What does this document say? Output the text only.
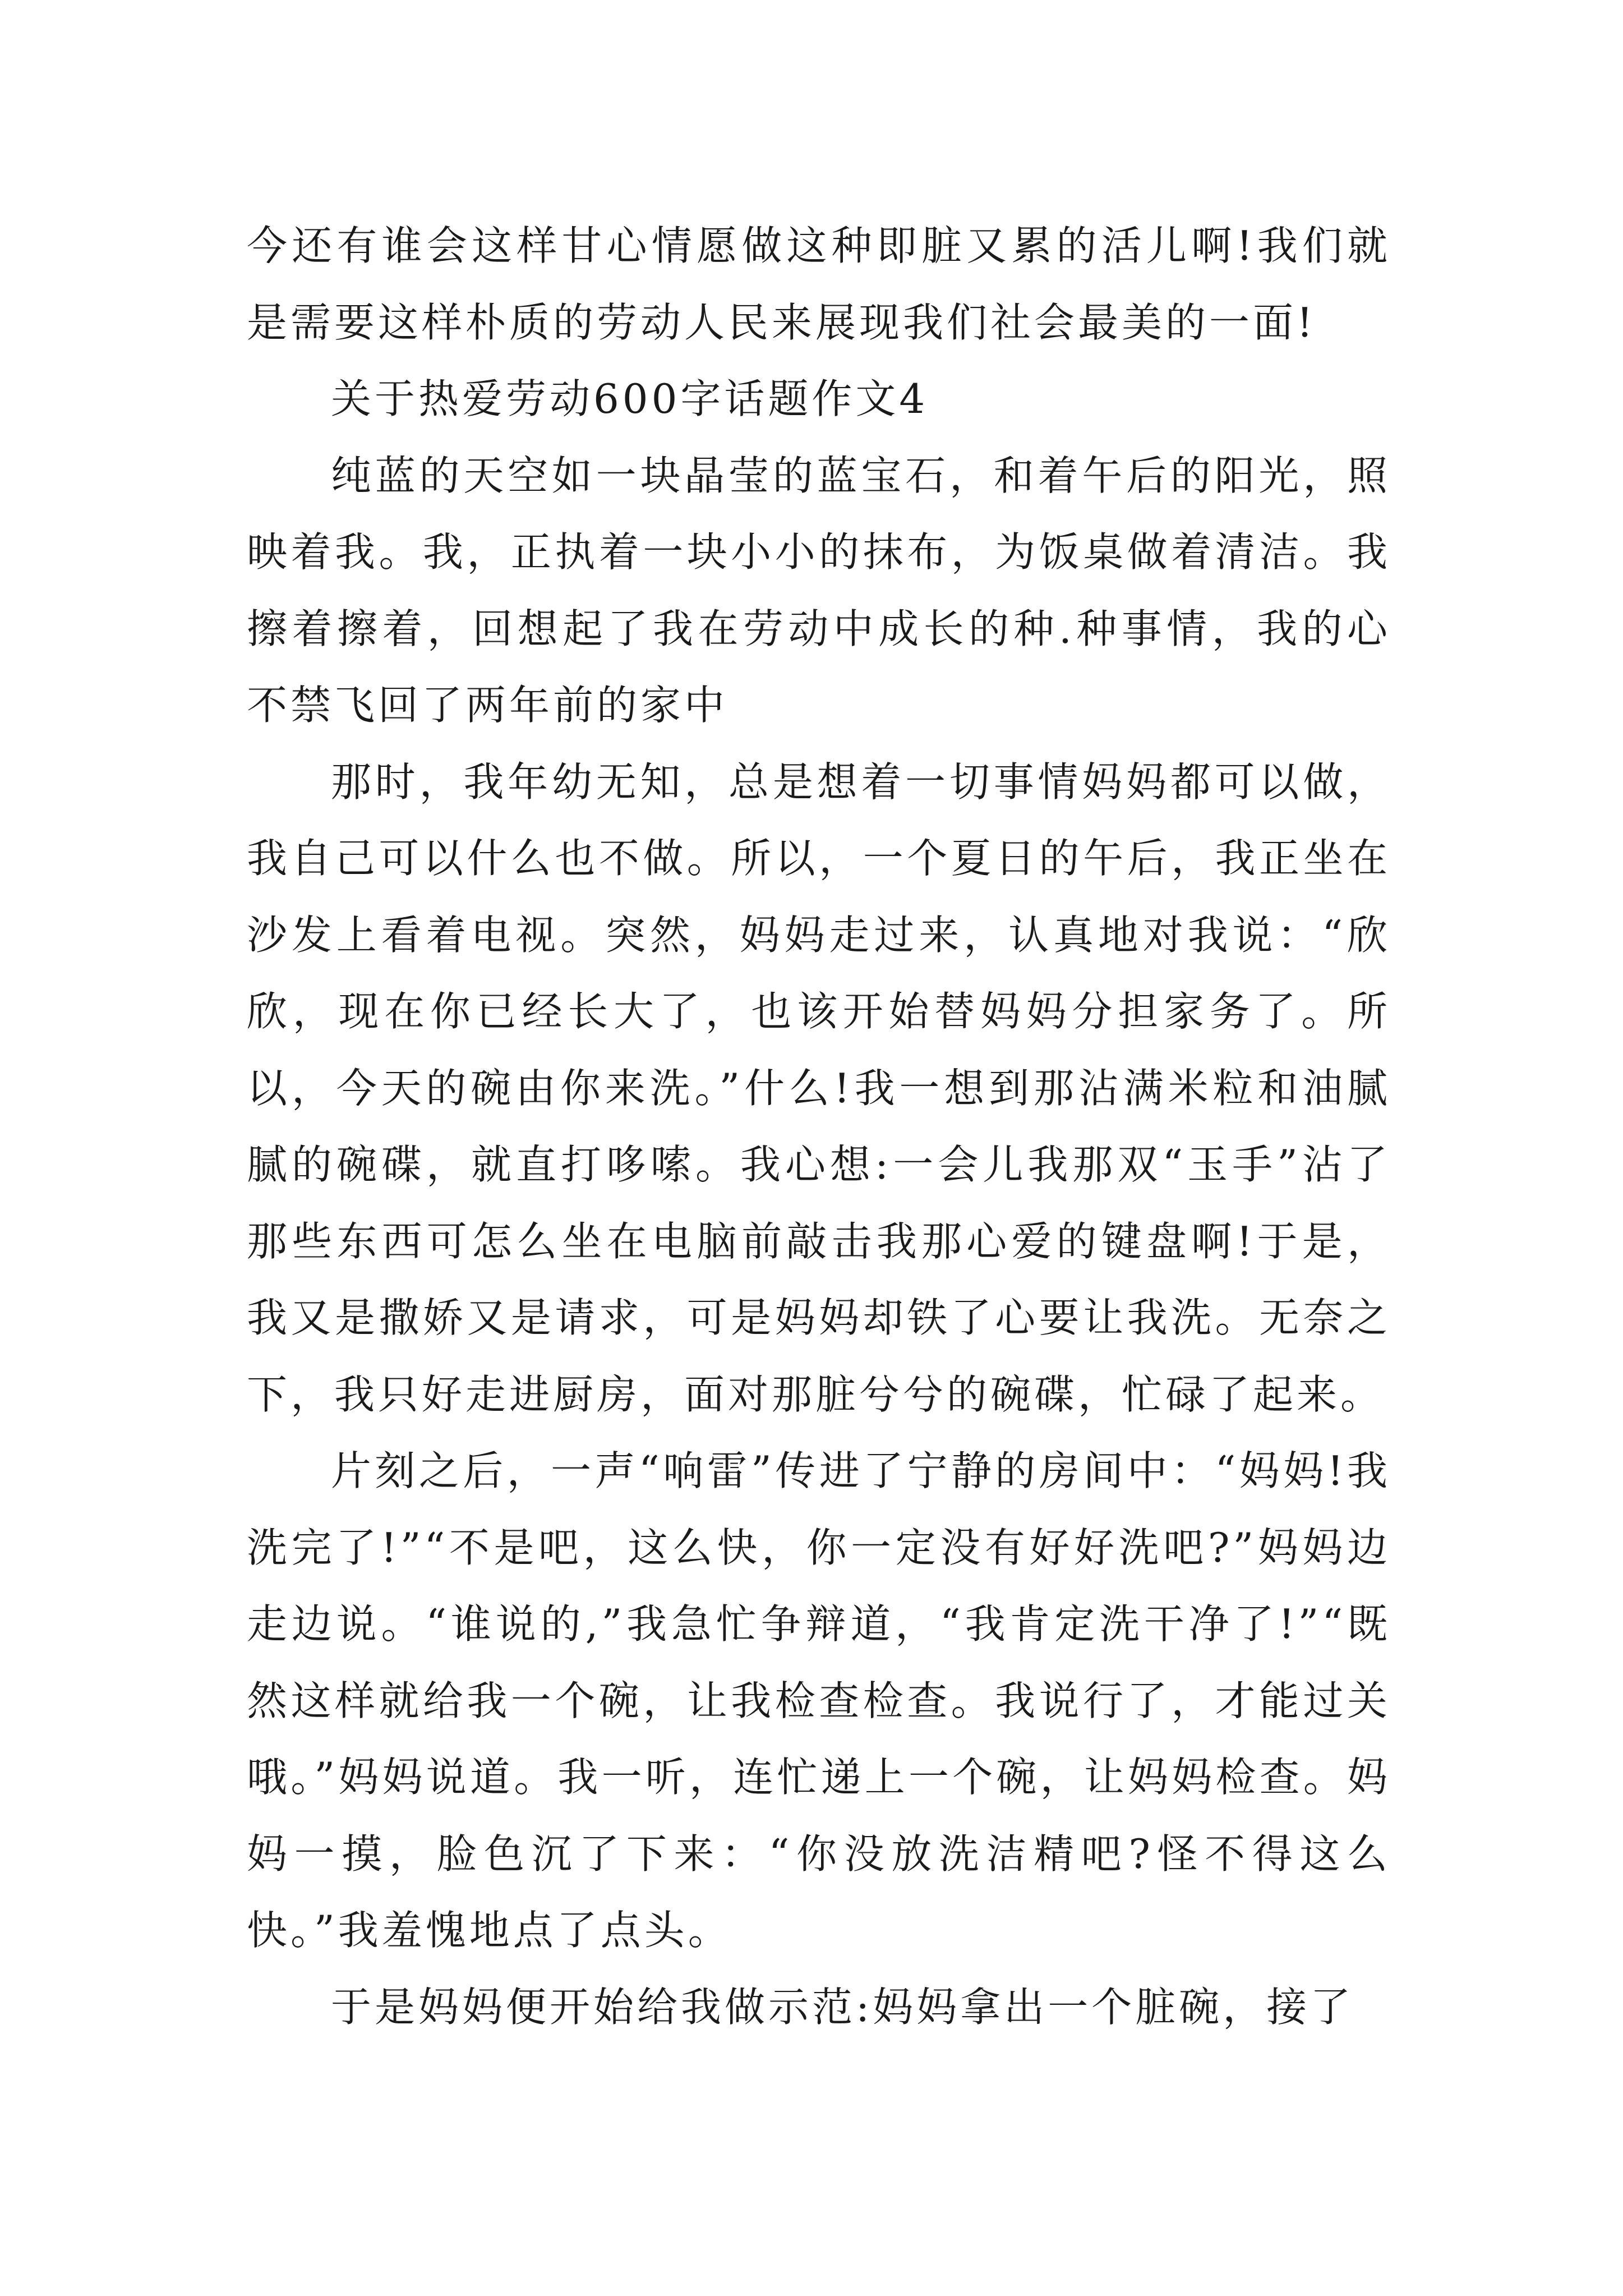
今还有谁会这样甘心情愿做这种即脏又累的活儿啊!我们就是需要这样朴质的劳动人民来展现我们社会最美的一面!

关于热爱劳动600字话题作文4

纯蓝的天空如一块晶莹的蓝宝石，和着午后的阳光，照映着我。我，正执着一块小小的抹布，为饭桌做着清洁。我擦着擦着，回想起了我在劳动中成长的种.种事情，我的心不禁飞回了两年前的家中

那时，我年幼无知，总是想着一切事情妈妈都可以做，我自己可以什么也不做。所以，一个夏日的午后，我正坐在沙发上看着电视。突然，妈妈走过来，认真地对我说：“欣欣，现在你已经长大了，也该开始替妈妈分担家务了。所以，今天的碗由你来洗。”什么!我一想到那沾满米粒和油腻腻的碗碟，就直打哆嗦。我心想:一会儿我那双“玉手”沾了那些东西可怎么坐在电脑前敲击我那心爱的键盘啊!于是，我又是撒娇又是请求，可是妈妈却铁了心要让我洗。无奈之下，我只好走进厨房，面对那脏兮兮的碗碟，忙碌了起来。

片刻之后，一声“响雷”传进了宁静的房间中：“妈妈!我洗完了!”“不是吧，这么快，你一定没有好好洗吧?”妈妈边走边说。“谁说的,”我急忙争辩道，“我肯定洗干净了!”“既然这样就给我一个碗，让我检查检查。我说行了，才能过关哦。”妈妈说道。我一听，连忙递上一个碗，让妈妈检查。妈妈一摸，脸色沉了下来：“你没放洗洁精吧?怪不得这么快。”我羞愧地点了点头。

于是妈妈便开始给我做示范:妈妈拿出一个脏碗，接了
